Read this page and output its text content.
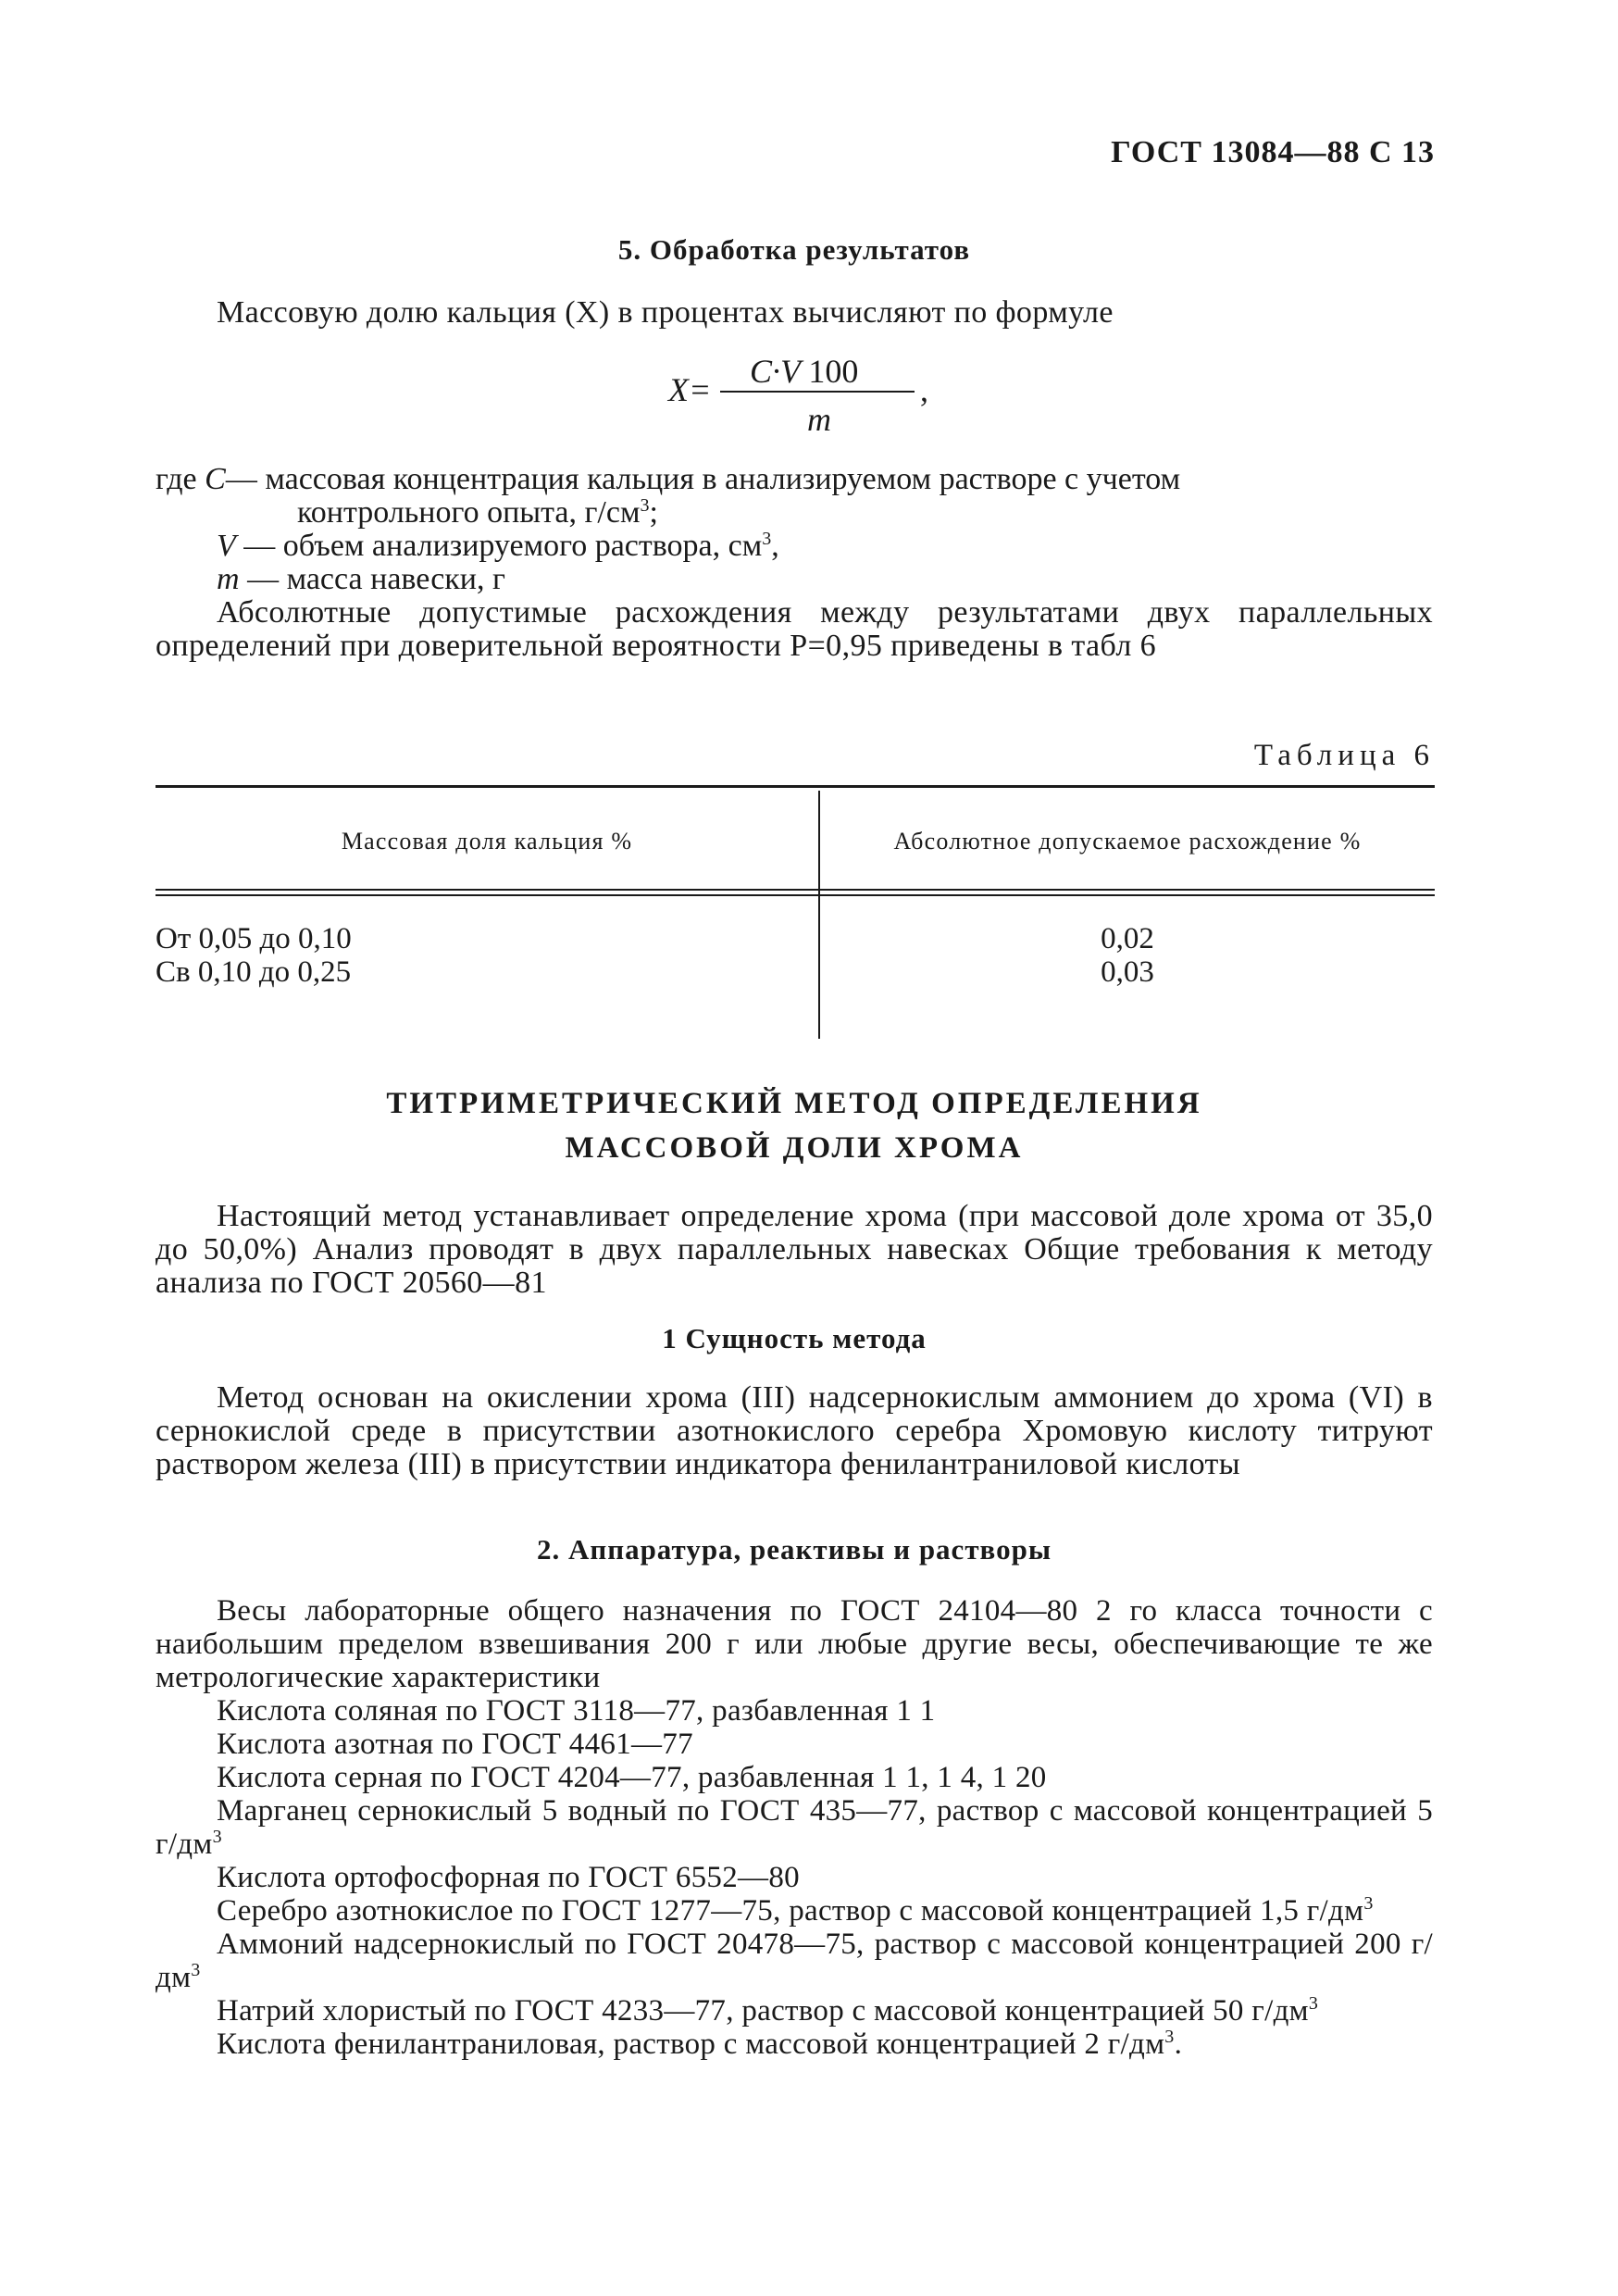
ГОСТ 13084—88 С 13
5. Обработка результатов

Массовую долю кальция (X) в процентах вычисляют по формуле

X= C·V 100
m
,
где C — массовая концентрация кальция в анализируемом растворе с учетом
контрольного опыта, $г/см^3$;
V — объем анализируемого раствора, $см^3$,
m — масса навески, г
Абсолютные допустимые расхождения между результатами двух параллельных определений при доверительной вероятности P=0,95 приведены в табл 6
Таблица 6
Массовая доля кальция %	Абсолютное допускаемое расхождение %
От 0,05 до 0,10	0,02
Св 0,10 до 0,25	0,03
ТИТРИМЕТРИЧЕСКИЙ МЕТОД ОПРЕДЕЛЕНИЯ
МАССОВОЙ ДОЛИ ХРОМА

Настоящий метод устанавливает определение хрома (при массовой доле хрома от 35,0 до 50,0%) Анализ проводят в двух параллельных навесках Общие требования к методу анализа по ГОСТ 20560—81

1 Сущность метода

Метод основан на окислении хрома (III) надсернокислым аммонием до хрома (VI) в сернокислой среде в присутствии азотнокислого серебра Хромовую кислоту титруют раствором железа (III) в присутствии индикатора фенилантраниловой кислоты

2. Аппаратура, реактивы и растворы
Весы лабораторные общего назначения по ГОСТ 24104—80 2 го класса точности с наибольшим пределом взвешивания 200 г или любые другие весы, обеспечивающие те же метрологические характеристики
Кислота соляная по ГОСТ 3118—77, разбавленная 1 1
Кислота азотная по ГОСТ 4461—77
Кислота серная по ГОСТ 4204—77, разбавленная 1 1, 1 4, 1 20
Марганец сернокислый 5 водный по ГОСТ 435—77, раствор с массовой концентрацией 5 $г/дм^3$
Кислота ортофосфорная по ГОСТ 6552—80
Серебро азотнокислое по ГОСТ 1277—75, раствор с массовой концентрацией 1,5 $г/дм^3$
Аммоний надсернокислый по ГОСТ 20478—75, раствор с массовой концентрацией 200 $г/дм^3$
Натрий хлористый по ГОСТ 4233—77, раствор с массовой концентрацией 50 $г/дм^3$
Кислота фенилантраниловая, раствор с массовой концентрацией 2 $г/дм^3$.
